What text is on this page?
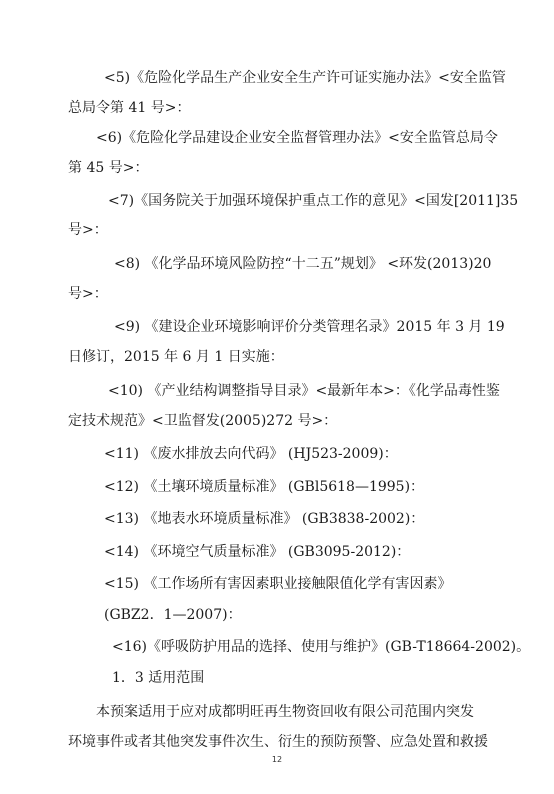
<5)《危险化学品生产企业安全生产许可证实施办法》<安全监管
总局令第 41 号>：
<6)《危险化学品建设企业安全监督管理办法》<安全监管总局令
第 45 号>：
<7)《国务院关于加强环境保护重点工作的意见》<国发[2011]35
号>：
<8) 《化学品环境风险防控“十二五”规划》 <环发(2013)20
号>：
<9) 《建设企业环境影响评价分类管理名录》2015 年 3 月 19
日修订，2015 年 6 月 1 日实施：
<10) 《产业结构调整指导目录》<最新年本>：《化学品毒性鉴
定技术规范》<卫监督发(2005)272 号>：
<11) 《废水排放去向代码》 (HJ523-2009)：
<12) 《土壤环境质量标准》 (GBl5618—1995)：
<13) 《地表水环境质量标准》 (GB3838-2002)：
<14) 《环境空气质量标准》 (GB3095-2012)：
<15) 《工作场所有害因素职业接触限值化学有害因素》
(GBZ2．1—2007)：
<16)《呼吸防护用品的选择、使用与维护》(GB-T18664-2002)。
1．3 适用范围
本预案适用于应对成都明旺再生物资回收有限公司范围内突发
环境事件或者其他突发事件次生、衍生的预防预警、应急处置和救援
12
